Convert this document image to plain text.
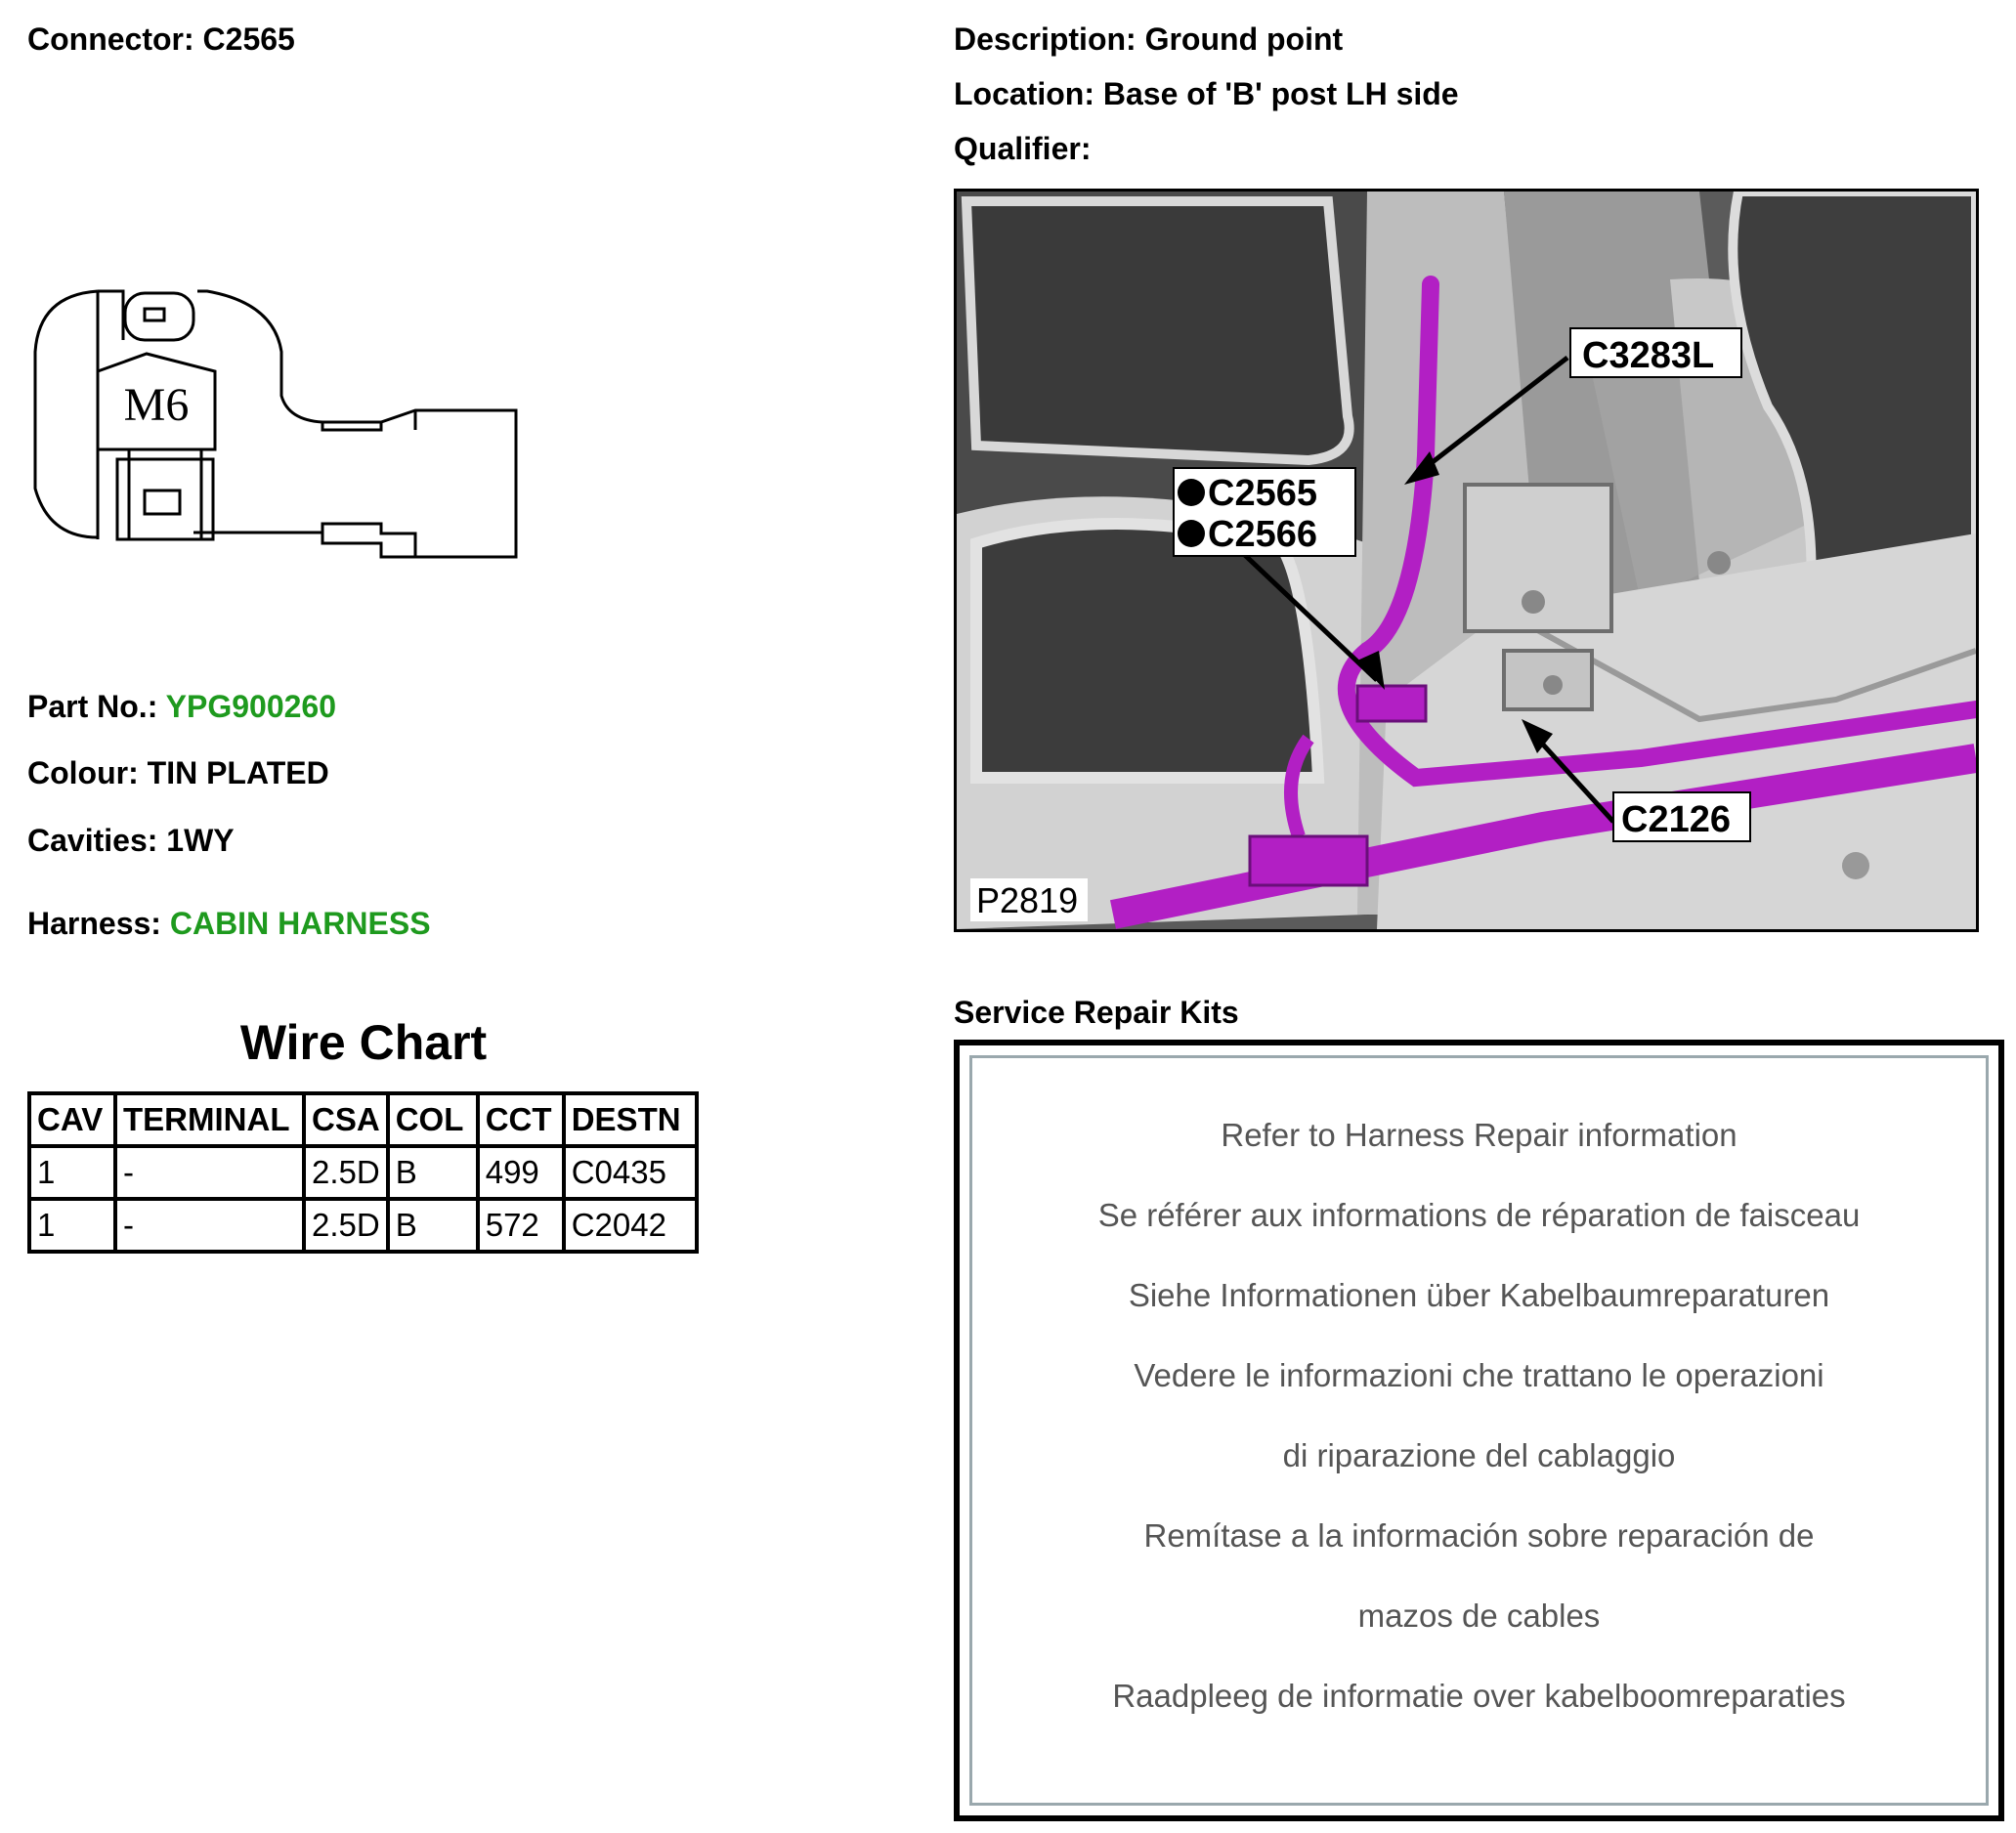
Connector: C2565
M6
Part No.: YPG900260
Colour: TIN PLATED
Cavities: 1WY
Harness: CABIN HARNESS
Wire Chart
CAV	TERMINAL	CSA	COL	CCT	DESTN
1	-	2.5D	B	499	C0435
1	-	2.5D	B	572	C2042
Description: Ground point
Location: Base of 'B' post LH side
Qualifier:
C3283L
C2565
C2566
C2126
P2819
Service Repair Kits
Refer to Harness Repair information
Se référer aux informations de réparation de faisceau
Siehe Informationen über Kabelbaumreparaturen
Vedere le informazioni che trattano le operazioni
di riparazione del cablaggio
Remítase a la información sobre reparación de
mazos de cables
Raadpleeg de informatie over kabelboomreparaties
